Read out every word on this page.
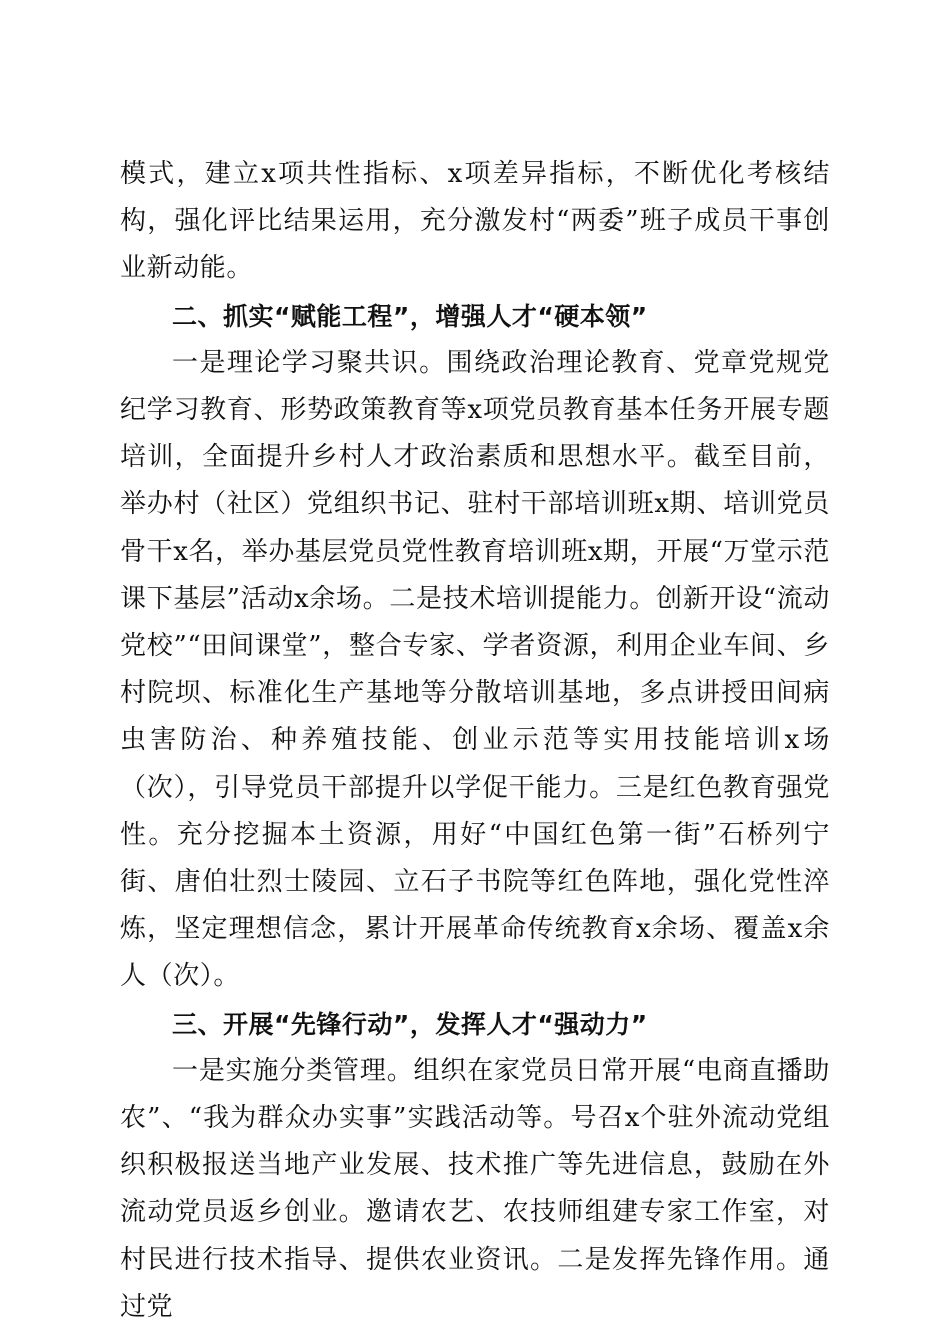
模式，建立x项共性指标、x项差异指标，不断优化考核结构，强化评比结果运用，充分激发村“两委”班子成员干事创业新动能。

二、抓实“赋能工程”，增强人才“硬本领”

一是理论学习聚共识。围绕政治理论教育、党章党规党纪学习教育、形势政策教育等x项党员教育基本任务开展专题培训，全面提升乡村人才政治素质和思想水平。截至目前，举办村（社区）党组织书记、驻村干部培训班x期、培训党员骨干x名，举办基层党员党性教育培训班x期，开展“万堂示范课下基层”活动x余场。二是技术培训提能力。创新开设“流动党校”“田间课堂”，整合专家、学者资源，利用企业车间、乡村院坝、标准化生产基地等分散培训基地，多点讲授田间病虫害防治、种养殖技能、创业示范等实用技能培训x场（次），引导党员干部提升以学促干能力。三是红色教育强党性。充分挖掘本土资源，用好“中国红色第一街”石桥列宁街、唐伯壮烈士陵园、立石子书院等红色阵地，强化党性淬炼，坚定理想信念，累计开展革命传统教育x余场、覆盖x余人（次）。

三、开展“先锋行动”，发挥人才“强动力”

一是实施分类管理。组织在家党员日常开展“电商直播助农”、“我为群众办实事”实践活动等。号召x个驻外流动党组织积极报送当地产业发展、技术推广等先进信息，鼓励在外流动党员返乡创业。邀请农艺、农技师组建专家工作室，对村民进行技术指导、提供农业资讯。二是发挥先锋作用。通过党
